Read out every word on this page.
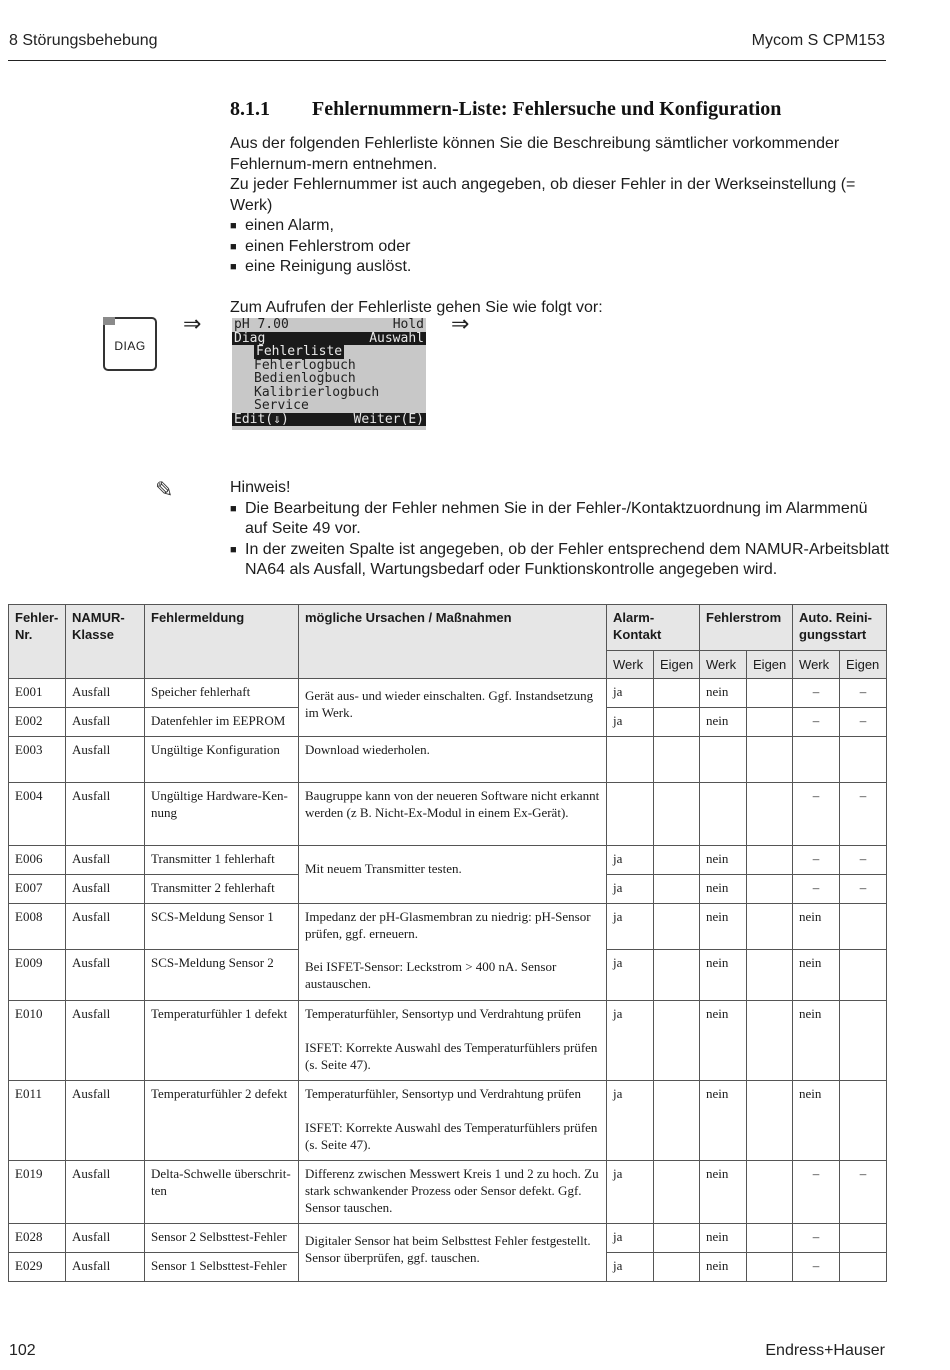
8 Störungsbehebung	Mycom S CPM153
8.1.1 Fehlernummern-Liste: Fehlersuche und Konfiguration

Aus der folgenden Fehlerliste können Sie die Beschreibung sämtlicher vorkommender Fehlernum-mern entnehmen.

Zu jeder Fehlernummer ist auch angegeben, ob dieser Fehler in der Werkseinstellung (= Werk)

■ einen Alarm,

■ einen Fehlerstrom oder

■ eine Reinigung auslöst.

Zum Aufrufen der Fehlerliste gehen Sie wie folgt vor:

DIAG
⇒

	pH 7.00

	Hold

Diag

	Auswahl

Fehlerliste
Fehlerlogbuch
Bedienlogbuch
Kalibrierlogbuch
Service

Edit(⇓)

	Weiter(E)

⇒
✎	Hinweis!

■ Die Bearbeitung der Fehler nehmen Sie in der Fehler-/Kontaktzuordnung im Alarmmenü auf Seite 49 vor.

■ In der zweiten Spalte ist angegeben, ob der Fehler entsprechend dem NAMUR-Arbeitsblatt NA64 als Ausfall, Wartungsbedarf oder Funktionskontrolle angegeben wird.

Fehler-Nr.	NAMUR-Klasse	Fehlermeldung	mögliche Ursachen / Maßnahmen	Alarm-Kontakt		Fehlerstrom		Auto. Reini-gungsstart	
				Werk	Eigen	Werk	Eigen	Werk	Eigen
E001	Ausfall	Speicher fehlerhaft	Gerät aus- und wieder einschalten. Ggf. Instandsetzung im Werk.	ja		nein		–	–
E002	Ausfall	Datenfehler im EEPROM		ja		nein		–	–
E003	Ausfall	Ungültige Konfiguration	Download wiederholen.						
E004	Ausfall	Ungültige Hardware-Ken-nung	Baugruppe kann von der neueren Software nicht erkannt werden (z B. Nicht-Ex-Modul in einem Ex-Gerät).					–	–
E006	Ausfall	Transmitter 1 fehlerhaft	Mit neuem Transmitter testen.	ja		nein		–	–
E007	Ausfall	Transmitter 2 fehlerhaft		ja		nein		–	–
E008	Ausfall	SCS-Meldung Sensor 1	Impedanz der pH-Glasmembran zu niedrig: pH-Sensor prüfen, ggf. erneuern.
Bei ISFET-Sensor: Leckstrom > 400 nA. Sensor austauschen.	ja		nein		nein	
E009	Ausfall	SCS-Meldung Sensor 2		ja		nein		nein	
E010	Ausfall	Temperaturfühler 1 defekt	Temperaturfühler, Sensortyp und Verdrahtung prüfen
ISFET: Korrekte Auswahl des Temperaturfühlers prüfen (s. Seite 47).	ja		nein		nein	
E011	Ausfall	Temperaturfühler 2 defekt	Temperaturfühler, Sensortyp und Verdrahtung prüfen
ISFET: Korrekte Auswahl des Temperaturfühlers prüfen (s. Seite 47).	ja		nein		nein	
E019	Ausfall	Delta-Schwelle überschrit-ten	Differenz zwischen Messwert Kreis 1 und 2 zu hoch. Zu stark schwankender Prozess oder Sensor defekt. Ggf. Sensor tauschen.	ja		nein		–	–
E028	Ausfall	Sensor 2 Selbsttest-Fehler	Digitaler Sensor hat beim Selbsttest Fehler festgestellt. Sensor überprüfen, ggf. tauschen.	ja		nein		–	
E029	Ausfall	Sensor 1 Selbsttest-Fehler		ja		nein		–	
102	Endress+Hauser
